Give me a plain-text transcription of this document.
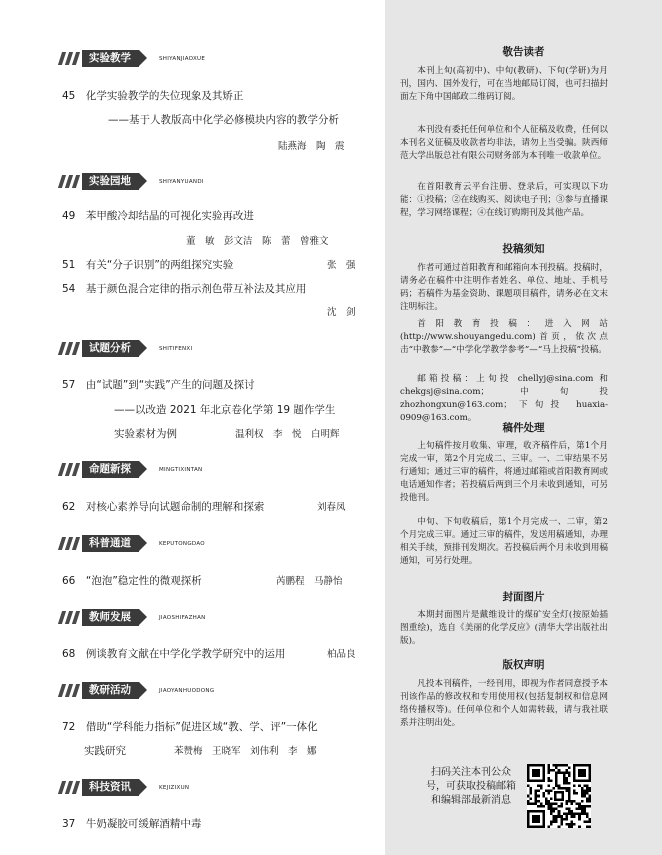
实验教学	SHIYANJIAOXUE
45　 化学实验教学的失位现象及其矫正
——基于人教版高中化学必修模块内容的教学分析
陆燕海　陶　震
实验园地	SHIYANYUANDI
49　 苯甲酸冷却结晶的可视化实验再改进
董　敏　彭文洁　陈　蕾　曾雅文
51　 有关“分子识别”的两组探究实验	张　强
54　 基于颜色混合定律的指示剂色带互补法及其应用
沈　剑
试题分析	SHITIFENXI
57　 由“试题”到“实践”产生的问题及探讨
——以改造 2021 年北京卷化学第 19 题作学生
实验素材为例	温利权　李　悦　白明辉
命题新探	MINGTIXINTAN
62　 对核心素养导向试题命制的理解和探索	刘春凤
科普通道	KEPUTONGDAO
66　 “泡泡”稳定性的微观探析	芮鹏程　马静怡
教师发展	JIAOSHIFAZHAN
68　 例谈教育文献在中学化学教学研究中的运用	柏品良
教研活动	JIAOYANHUODONG
72　 借助“学科能力指标”促进区域“教、学、评”一体化
实践研究	苯赞梅　王晓军　刘伟利　李　娜
科技资讯	KEJIZIXUN
37　 牛奶凝胶可缓解酒精中毒
敬告读者
本刊上旬(高初中)、中旬(教研)、下旬(学研)为月刊，国内、国外发行，可在当地邮局订阅，也可扫描封面左下角中国邮政二维码订阅。
本刊没有委托任何单位和个人征稿及收费，任何以本刊名义征稿及收款者均非法，请勿上当受骗。陕西师范大学出版总社有限公司财务部为本刊唯一收款单位。
在首阳教育云平台注册、登录后，可实现以下功能：①投稿；②在线购买、阅读电子刊；③参与直播课程，学习网络课程；④在线订购期刊及其他产品。
投稿须知
作者可通过首阳教育和邮箱向本刊投稿。投稿时，请务必在稿件中注明作者姓名、单位、地址、手机号码；若稿件为基金资助、课题项目稿件，请务必在文末注明标注。
首阳教育投稿：进入网站(http://www.shouyangedu.com)首页，依次点击“中教参”—“中学化学教学参考”—“马上投稿”投稿。
邮箱投稿：上旬投 chellyj@sina.com 和 chekgsj@sina.com；中旬投 zhozhongxun@163.com；下旬投 huaxia-0909@163.com。
稿件处理
上旬稿件按月收集、审理，收齐稿件后，第1个月完成一审，第2个月完成二、三审。一、二审结果不另行通知；通过三审的稿件，将通过邮箱或首阳教育网或电话通知作者；若投稿后两到三个月未收到通知，可另投他刊。
中旬、下旬收稿后，第1个月完成一、二审，第2个月完成三审。通过三审的稿件，发送用稿通知，办理相关手续，预排刊发期次。若投稿后两个月未收到用稿通知，可另行处理。
封面图片
本期封面图片是戴维设计的煤矿安全灯(按原始插图重绘)，选自《美丽的化学反应》(清华大学出版社出版)。
版权声明
凡投本刊稿件，一经刊用，即视为作者同意授予本刊该作品的修改权和专用使用权(包括复制权和信息网络传播权等)。任何单位和个人如需转载，请与我社联系并注明出处。
扫码关注本刊公众号，可获取投稿邮箱和编辑部最新消息
